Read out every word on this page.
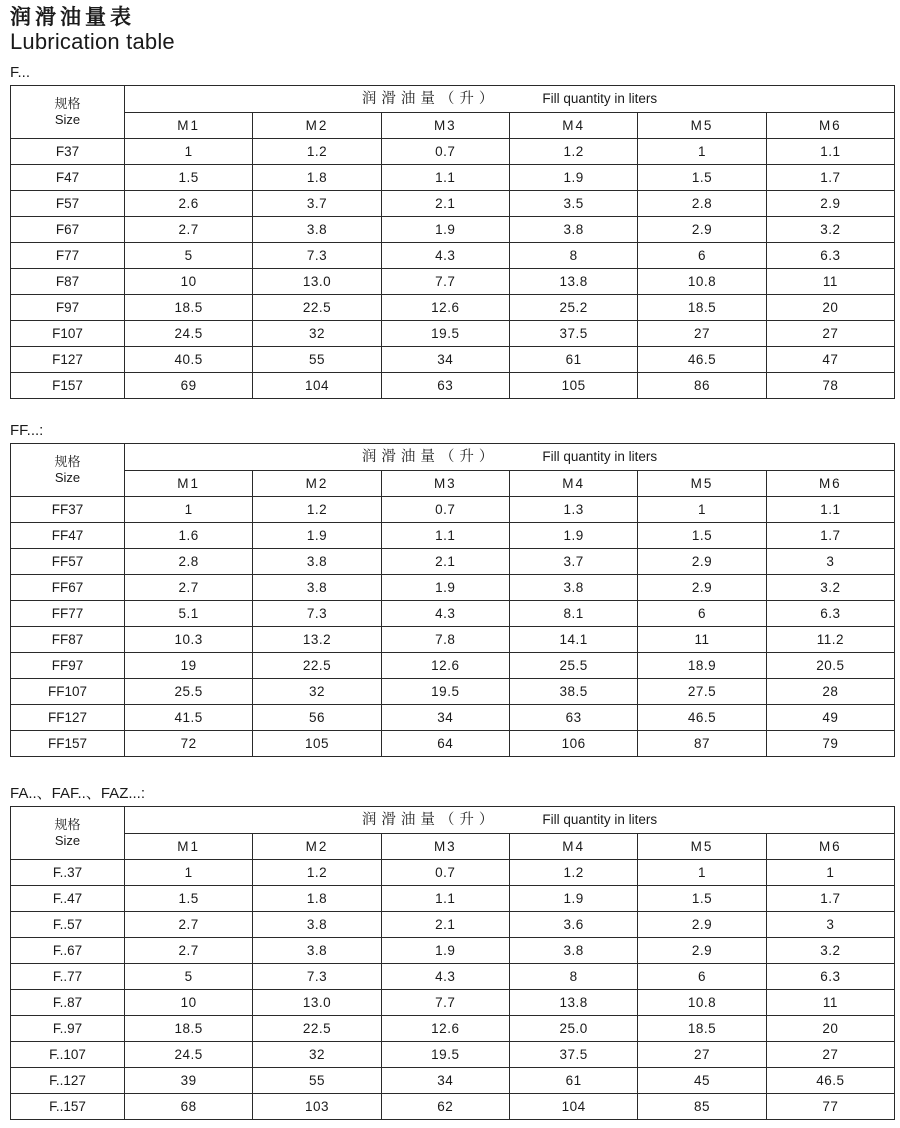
润滑油量表
Lubrication table
F...
规格
Size	润滑油量（升） Fill quantity in liters					
	M1	M2	M3	M4	M5	M6
F37	1	1.2	0.7	1.2	1	1.1
F47	1.5	1.8	1.1	1.9	1.5	1.7
F57	2.6	3.7	2.1	3.5	2.8	2.9
F67	2.7	3.8	1.9	3.8	2.9	3.2
F77	5	7.3	4.3	8	6	6.3
F87	10	13.0	7.7	13.8	10.8	11
F97	18.5	22.5	12.6	25.2	18.5	20
F107	24.5	32	19.5	37.5	27	27
F127	40.5	55	34	61	46.5	47
F157	69	104	63	105	86	78
FF...:
规格
Size	润滑油量（升） Fill quantity in liters					
	M1	M2	M3	M4	M5	M6
FF37	1	1.2	0.7	1.3	1	1.1
FF47	1.6	1.9	1.1	1.9	1.5	1.7
FF57	2.8	3.8	2.1	3.7	2.9	3
FF67	2.7	3.8	1.9	3.8	2.9	3.2
FF77	5.1	7.3	4.3	8.1	6	6.3
FF87	10.3	13.2	7.8	14.1	11	11.2
FF97	19	22.5	12.6	25.5	18.9	20.5
FF107	25.5	32	19.5	38.5	27.5	28
FF127	41.5	56	34	63	46.5	49
FF157	72	105	64	106	87	79
FA..、FAF..、FAZ...:
规格
Size	润滑油量（升） Fill quantity in liters					
	M1	M2	M3	M4	M5	M6
F..37	1	1.2	0.7	1.2	1	1
F..47	1.5	1.8	1.1	1.9	1.5	1.7
F..57	2.7	3.8	2.1	3.6	2.9	3
F..67	2.7	3.8	1.9	3.8	2.9	3.2
F..77	5	7.3	4.3	8	6	6.3
F..87	10	13.0	7.7	13.8	10.8	11
F..97	18.5	22.5	12.6	25.0	18.5	20
F..107	24.5	32	19.5	37.5	27	27
F..127	39	55	34	61	45	46.5
F..157	68	103	62	104	85	77
